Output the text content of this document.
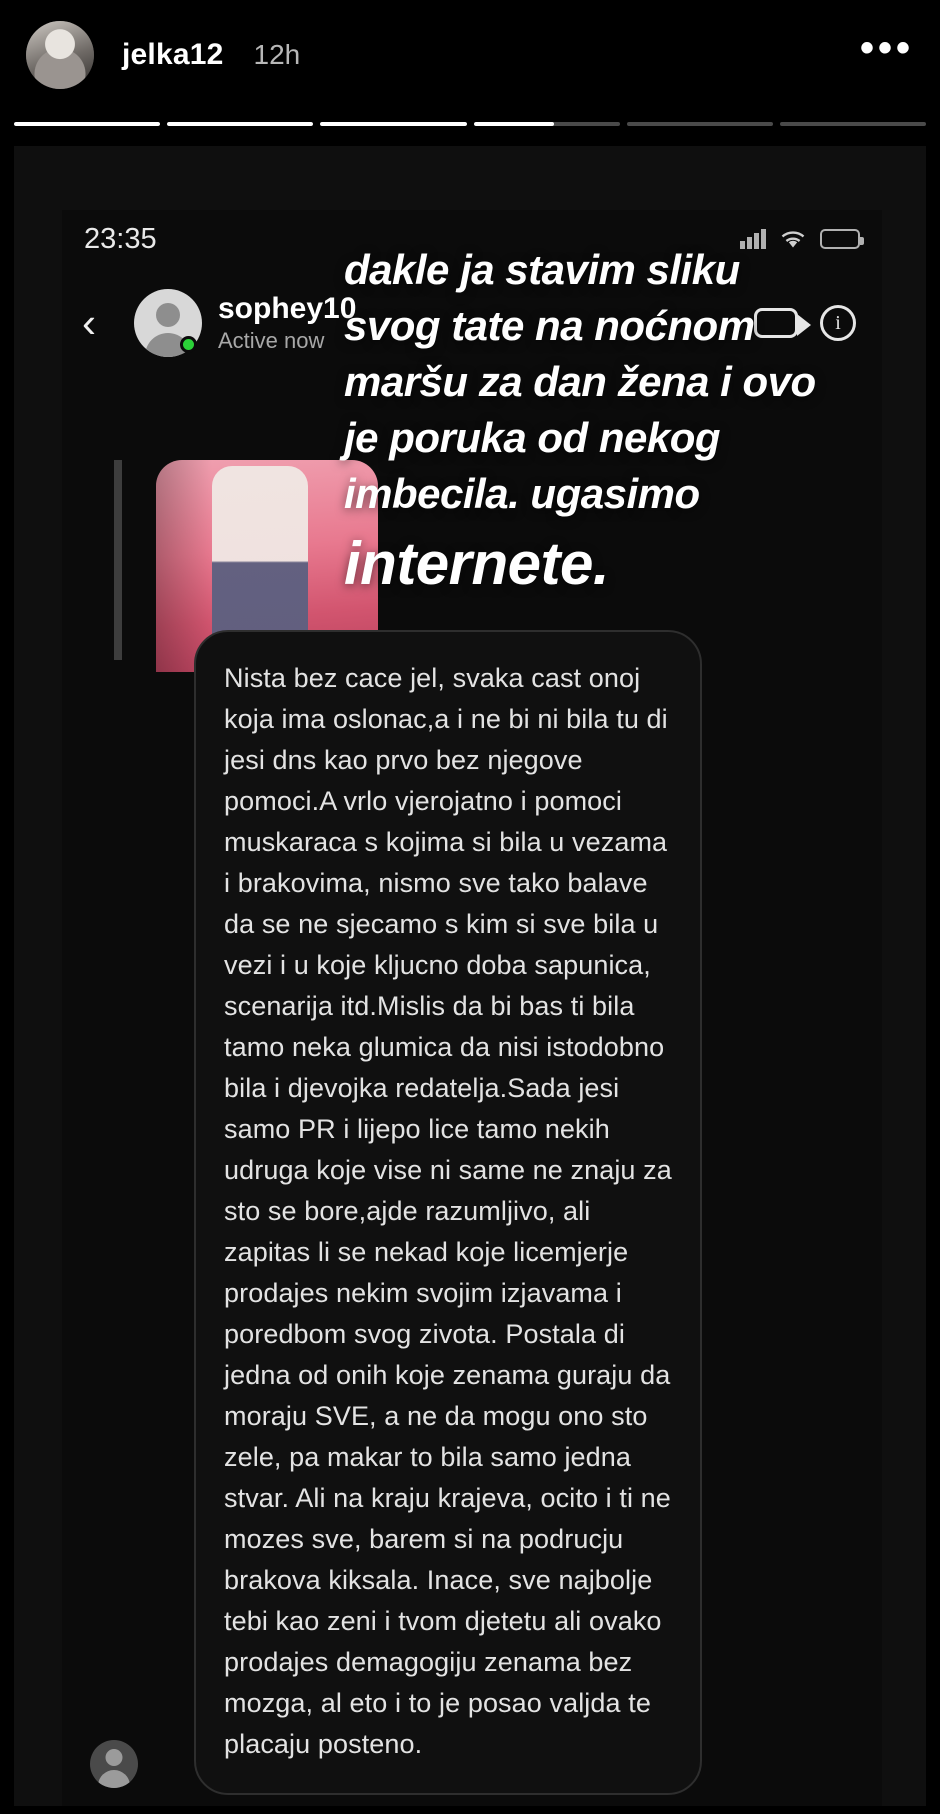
jelka12 12h	•••
23:35
‹	sophey10
Active now
i
Nista bez cace jel, svaka cast onoj koja ima oslonac,a i ne bi ni bila tu di jesi dns kao prvo bez njegove pomoci.A vrlo vjerojatno i pomoci muskaraca s kojima si bila u vezama i brakovima, nismo sve tako balave da se ne sjecamo s kim si sve bila u vezi i u koje kljucno doba sapunica, scenarija itd.Mislis da bi bas ti bila tamo neka glumica da nisi istodobno bila i djevojka redatelja.Sada jesi samo PR i lijepo lice tamo nekih udruga koje vise ni same ne znaju za sto se bore,ajde razumljivo, ali zapitas li se nekad koje licemjerje prodajes nekim svojim izjavama i poredbom svog zivota. Postala di jedna od onih koje zenama guraju da moraju SVE, a ne da mogu ono sto zele, pa makar to bila samo jedna stvar. Ali na kraju krajeva, ocito i ti ne mozes sve, barem si na podrucju brakova kiksala. Inace, sve najbolje tebi kao zeni i tvom djetetu ali ovako prodajes demagogiju zenama bez mozga, al eto i to je posao valjda te placaju posteno.
dakle ja stavim sliku
svog tate na noćnom
maršu za dan žena i ovo
je poruka od nekog
imbecila. ugasimo
internete.
